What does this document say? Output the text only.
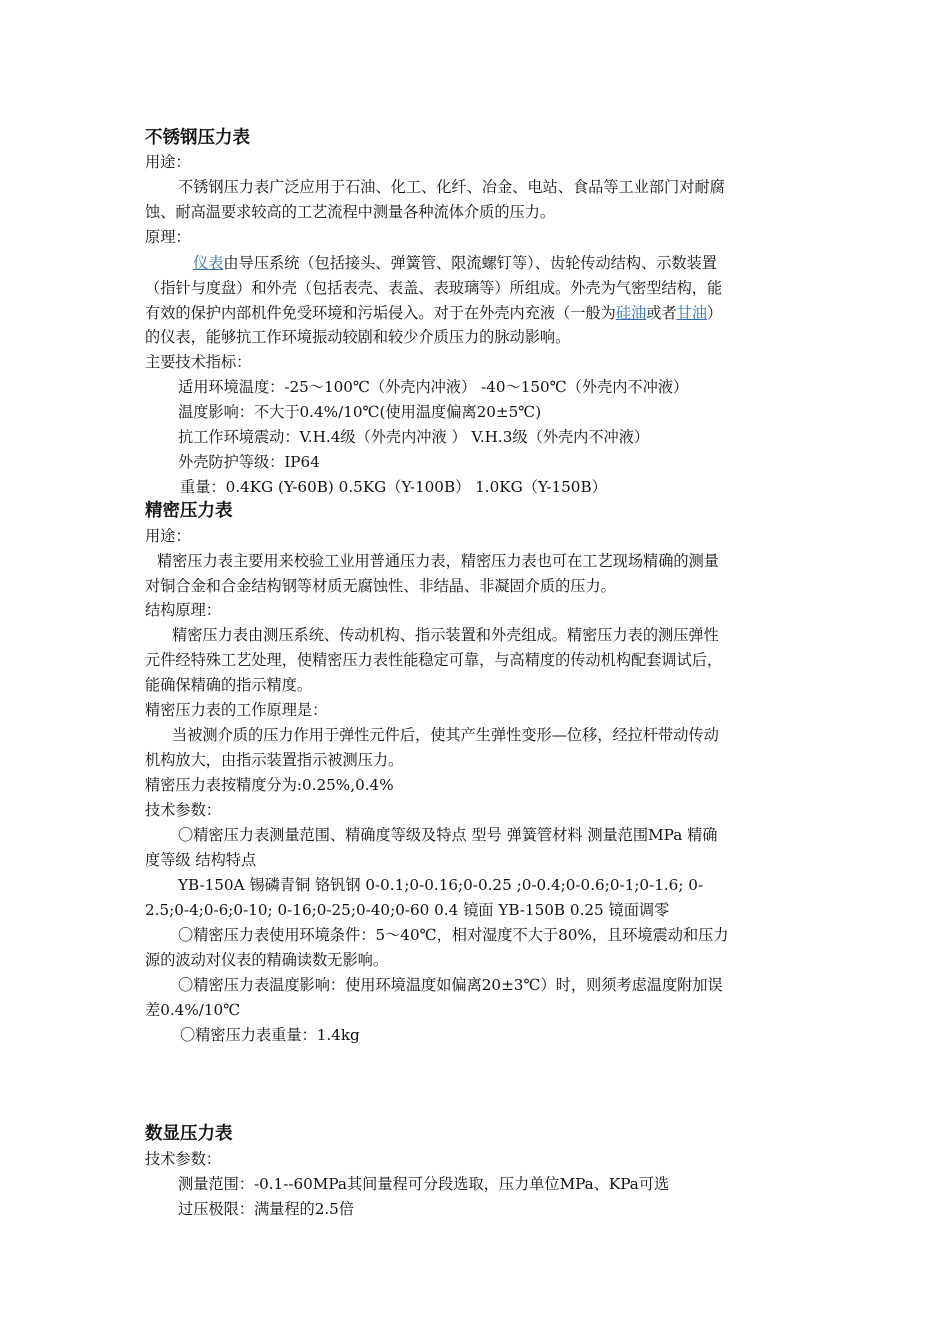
不锈钢压力表
用途：
不锈钢压力表广泛应用于石油、化工、化纤、冶金、电站、食品等工业部门对耐腐
蚀、耐高温要求较高的工艺流程中测量各种流体介质的压力。
原理：
仪表由导压系统（包括接头、弹簧管、限流螺钉等）、齿轮传动结构、示数装置
（指针与度盘）和外壳（包括表壳、表盖、表玻璃等）所组成。外壳为气密型结构，能
有效的保护内部机件免受环境和污垢侵入。对于在外壳内充液（一般为硅油或者甘油）
的仪表，能够抗工作环境振动较剧和较少介质压力的脉动影响。
主要技术指标：
适用环境温度：-25～100℃（外壳内冲液） -40～150℃（外壳内不冲液）
温度影响：不大于0.4%/10℃(使用温度偏离20±5℃)
抗工作环境震动：V.H.4级（外壳内冲液 ） V.H.3级（外壳内不冲液）
外壳防护等级：IP64
重量：0.4KG (Y-60B) 0.5KG（Y-100B） 1.0KG（Y-150B）
精密压力表
用途：
精密压力表主要用来校验工业用普通压力表，精密压力表也可在工艺现场精确的测量
对铜合金和合金结构钢等材质无腐蚀性、非结晶、非凝固介质的压力。
结构原理：
精密压力表由测压系统、传动机构、指示装置和外壳组成。精密压力表的测压弹性
元件经特殊工艺处理，使精密压力表性能稳定可靠，与高精度的传动机构配套调试后，
能确保精确的指示精度。
精密压力表的工作原理是：
当被测介质的压力作用于弹性元件后，使其产生弹性变形—位移，经拉杆带动传动
机构放大，由指示装置指示被测压力。
精密压力表按精度分为:0.25%,0.4%
技术参数：
〇精密压力表测量范围、精确度等级及特点 型号 弹簧管材料 测量范围MPa 精确
度等级 结构特点
YB-150A 锡磷青铜 铬钒钢 0-0.1;0-0.16;0-0.25 ;0-0.4;0-0.6;0-1;0-1.6; 0-
2.5;0-4;0-6;0-10; 0-16;0-25;0-40;0-60 0.4 镜面 YB-150B 0.25 镜面调零
〇精密压力表使用环境条件：5～40℃，相对湿度不大于80%，且环境震动和压力
源的波动对仪表的精确读数无影响。
〇精密压力表温度影响：使用环境温度如偏离20±3℃）时，则须考虑温度附加误
差0.4%/10℃
〇精密压力表重量：1.4kg
数显压力表
技术参数：
测量范围：-0.1--60MPa其间量程可分段选取，压力单位MPa、KPa可选
过压极限：满量程的2.5倍
